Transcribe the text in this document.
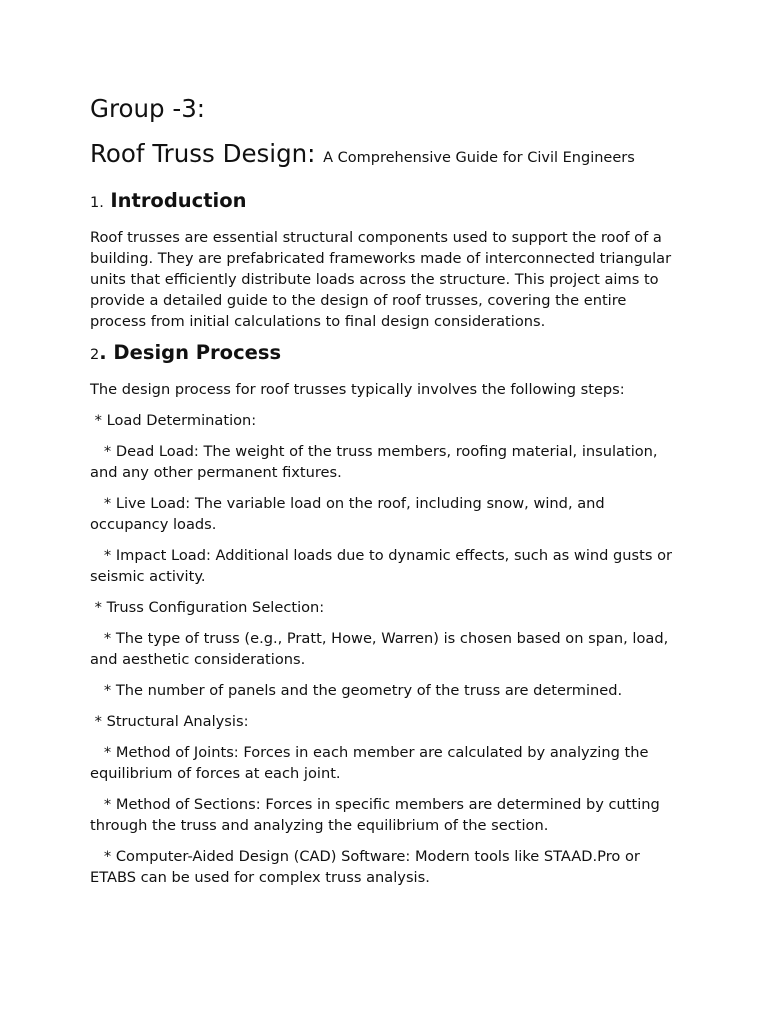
Group -3:
Roof Truss Design: A Comprehensive Guide for Civil Engineers
1. Introduction

Roof trusses are essential structural components used to support the roof of a building. They are prefabricated frameworks made of interconnected triangular units that efficiently distribute loads across the structure. This project aims to provide a detailed guide to the design of roof trusses, covering the entire process from initial calculations to final design considerations.

2. Design Process

The design process for roof trusses typically involves the following steps:

* Load Determination:

* Dead Load: The weight of the truss members, roofing material, insulation, and any other permanent fixtures.

* Live Load: The variable load on the roof, including snow, wind, and occupancy loads.

* Impact Load: Additional loads due to dynamic effects, such as wind gusts or seismic activity.

* Truss Configuration Selection:

* The type of truss (e.g., Pratt, Howe, Warren) is chosen based on span, load, and aesthetic considerations.

* The number of panels and the geometry of the truss are determined.

* Structural Analysis:

* Method of Joints: Forces in each member are calculated by analyzing the equilibrium of forces at each joint.

* Method of Sections: Forces in specific members are determined by cutting through the truss and analyzing the equilibrium of the section.

* Computer-Aided Design (CAD) Software: Modern tools like STAAD.Pro or ETABS can be used for complex truss analysis.
